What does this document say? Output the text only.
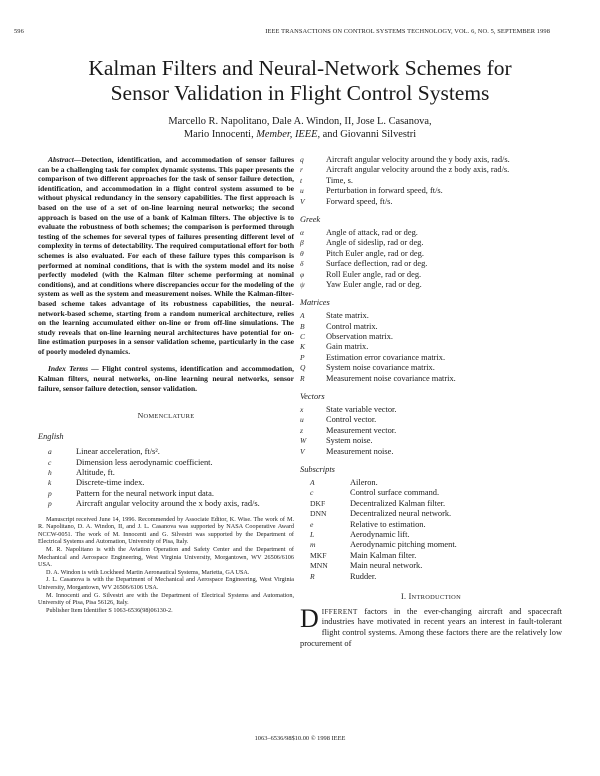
596	IEEE TRANSACTIONS ON CONTROL SYSTEMS TECHNOLOGY, VOL. 6, NO. 5, SEPTEMBER 1998
Kalman Filters and Neural-Network Schemes for
Sensor Validation in Flight Control Systems
Marcello R. Napolitano, Dale A. Windon, II, Jose L. Casanova,
Mario Innocenti, Member, IEEE, and Giovanni Silvestri

Abstract—Detection, identification, and accommodation of sensor failures can be a challenging task for complex dynamic systems. This paper presents the comparison of two different approaches for the task of sensor failure detection, identification, and accommodation in a flight control system assumed to be without physical redundancy in the sensory capabilities. The first approach is based on the use of a set of on-line learning neural networks; the second approach is based on the use of a bank of Kalman filters. The objective is to evaluate the robustness of both schemes; the comparison is performed through testing of the schemes for several types of failures presenting different level of complexity in terms of detectability. The required computational effort for both schemes is also evaluated. For each of these failure types this comparison is performed at nominal conditions, that is with the system model and its noise perfectly modeled (with the Kalman filter scheme performing at nominal conditions), and at conditions where discrepancies occur for the modeling of the system as well as the system and measurement noises. While the Kalman-filter-based scheme takes advantage of its robustness capabilities, the neural-network-based scheme, starting from a random numerical architecture, relies on the learning accumulated either on-line or from off-line simulations. The study reveals that on-line learning neural architectures have potential for on-line estimation purposes in a sensor validation scheme, particularly in the case of poorly modeled dynamics.

Index Terms — Flight control systems, identification and accommodation, Kalman filters, neural networks, on-line learning neural networks, sensor failure, sensor failure detection, sensor validation.

NOMENCLATURE
English
a	Linear acceleration, ft/s².
c	Dimension less aerodynamic coefficient.
h	Altitude, ft.
k	Discrete-time index.
p	Pattern for the neural network input data.
p	Aircraft angular velocity around the x body axis, rad/s.

Manuscript received June 14, 1996. Recommended by Associate Editor, K. Wise. The work of M. R. Napolitano, D. A. Windon, II, and J. L. Casanova was supported by NASA Cooperative Award NCCW-0051. The work of M. Innocenti and G. Silvestri was supported by the Department of Electrical Systems and Automation, University of Pisa, Italy.

M. R. Napolitano is with the Aviation Operation and Safety Center and the Department of Mechanical and Aerospace Engineering, West Virginia University, Morgantown, WV 26506/6106 USA.

D. A. Windon is with Lockheed Martin Aeronautical Systems, Marietta, GA USA.

J. L. Casanova is with the Department of Mechanical and Aerospace Engineering, West Virginia University, Morgantown, WV 26506/6106 USA.

M. Innocenti and G. Silvestri are with the Department of Electrical Systems and Automation, University of Pisa, Pisa 56126, Italy.

Publisher Item Identifier S 1063-6536(98)06130-2.

q	Aircraft angular velocity around the y body axis, rad/s.
r	Aircraft angular velocity around the z body axis, rad/s.
t	Time, s.
u	Perturbation in forward speed, ft/s.
V	Forward speed, ft/s.
Greek
α	Angle of attack, rad or deg.
β	Angle of sideslip, rad or deg.
θ	Pitch Euler angle, rad or deg.
δ	Surface deflection, rad or deg.
φ	Roll Euler angle, rad or deg.
ψ	Yaw Euler angle, rad or deg.
Matrices
A	State matrix.
B	Control matrix.
C	Observation matrix.
K	Gain matrix.
P	Estimation error covariance matrix.
Q	System noise covariance matrix.
R	Measurement noise covariance matrix.
Vectors
x	State variable vector.
u	Control vector.
z	Measurement vector.
W	System noise.
V	Measurement noise.
Subscripts
A	Aileron.
c	Control surface command.
DKF	Decentralized Kalman filter.
DNN	Decentralized neural network.
e	Relative to estimation.
L	Aerodynamic lift.
m	Aerodynamic pitching moment.
MKF	Main Kalman filter.
MNN	Main neural network.
R	Rudder.
I. INTRODUCTION
DIFFERENT factors in the ever-changing aircraft and spacecraft industries have motivated in recent years an interest in fault-tolerant flight control systems. Among these factors there are the relatively low procurement of
1063–6536/98$10.00 © 1998 IEEE
